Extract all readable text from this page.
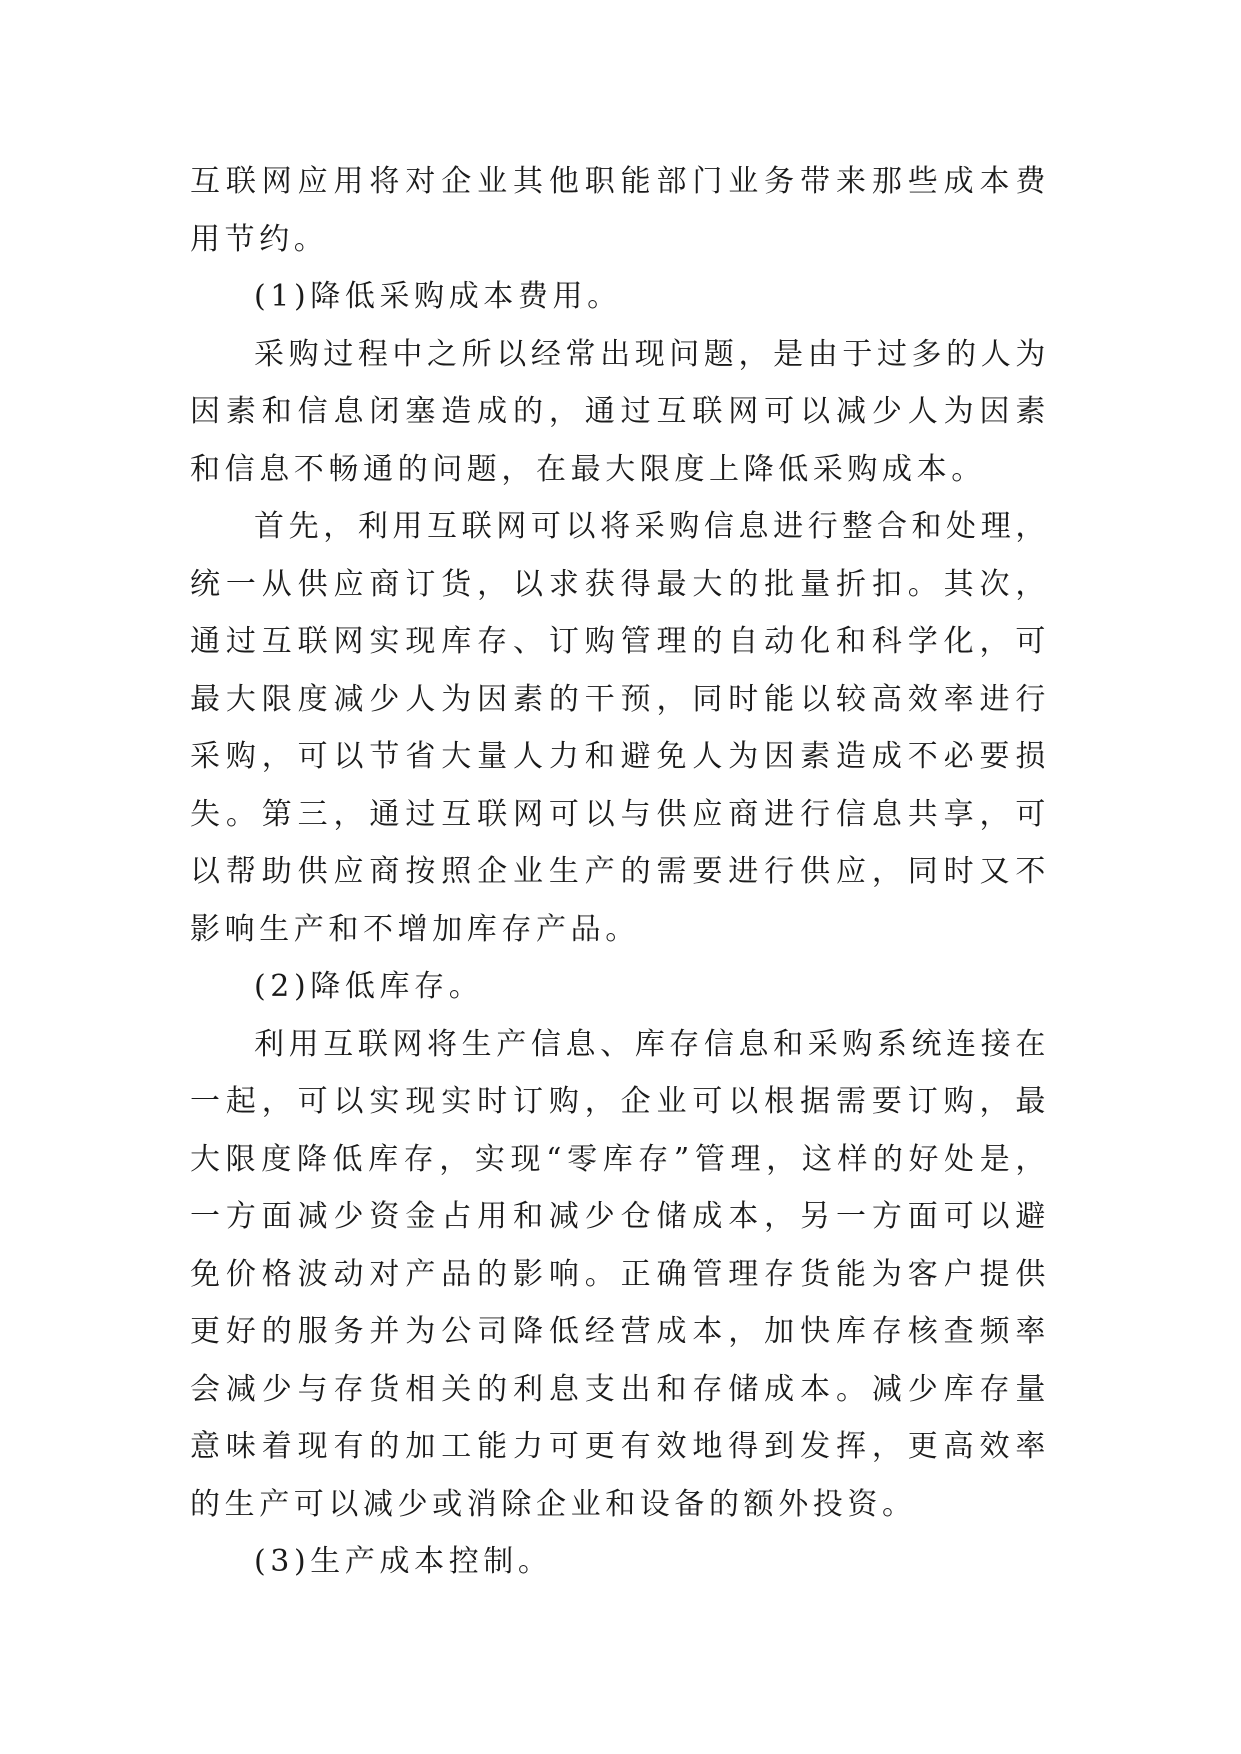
互联网应用将对企业其他职能部门业务带来那些成本费用节约。

(1)降低采购成本费用。

采购过程中之所以经常出现问题，是由于过多的人为因素和信息闭塞造成的，通过互联网可以减少人为因素和信息不畅通的问题，在最大限度上降低采购成本。

首先，利用互联网可以将采购信息进行整合和处理，统一从供应商订货，以求获得最大的批量折扣。其次，通过互联网实现库存、订购管理的自动化和科学化，可最大限度减少人为因素的干预，同时能以较高效率进行采购，可以节省大量人力和避免人为因素造成不必要损失。第三，通过互联网可以与供应商进行信息共享，可以帮助供应商按照企业生产的需要进行供应，同时又不影响生产和不增加库存产品。

(2)降低库存。

利用互联网将生产信息、库存信息和采购系统连接在一起，可以实现实时订购，企业可以根据需要订购，最大限度降低库存，实现“零库存”管理，这样的好处是，一方面减少资金占用和减少仓储成本，另一方面可以避免价格波动对产品的影响。正确管理存货能为客户提供更好的服务并为公司降低经营成本，加快库存核查频率会减少与存货相关的利息支出和存储成本。减少库存量意味着现有的加工能力可更有效地得到发挥，更高效率的生产可以减少或消除企业和设备的额外投资。

(3)生产成本控制。
